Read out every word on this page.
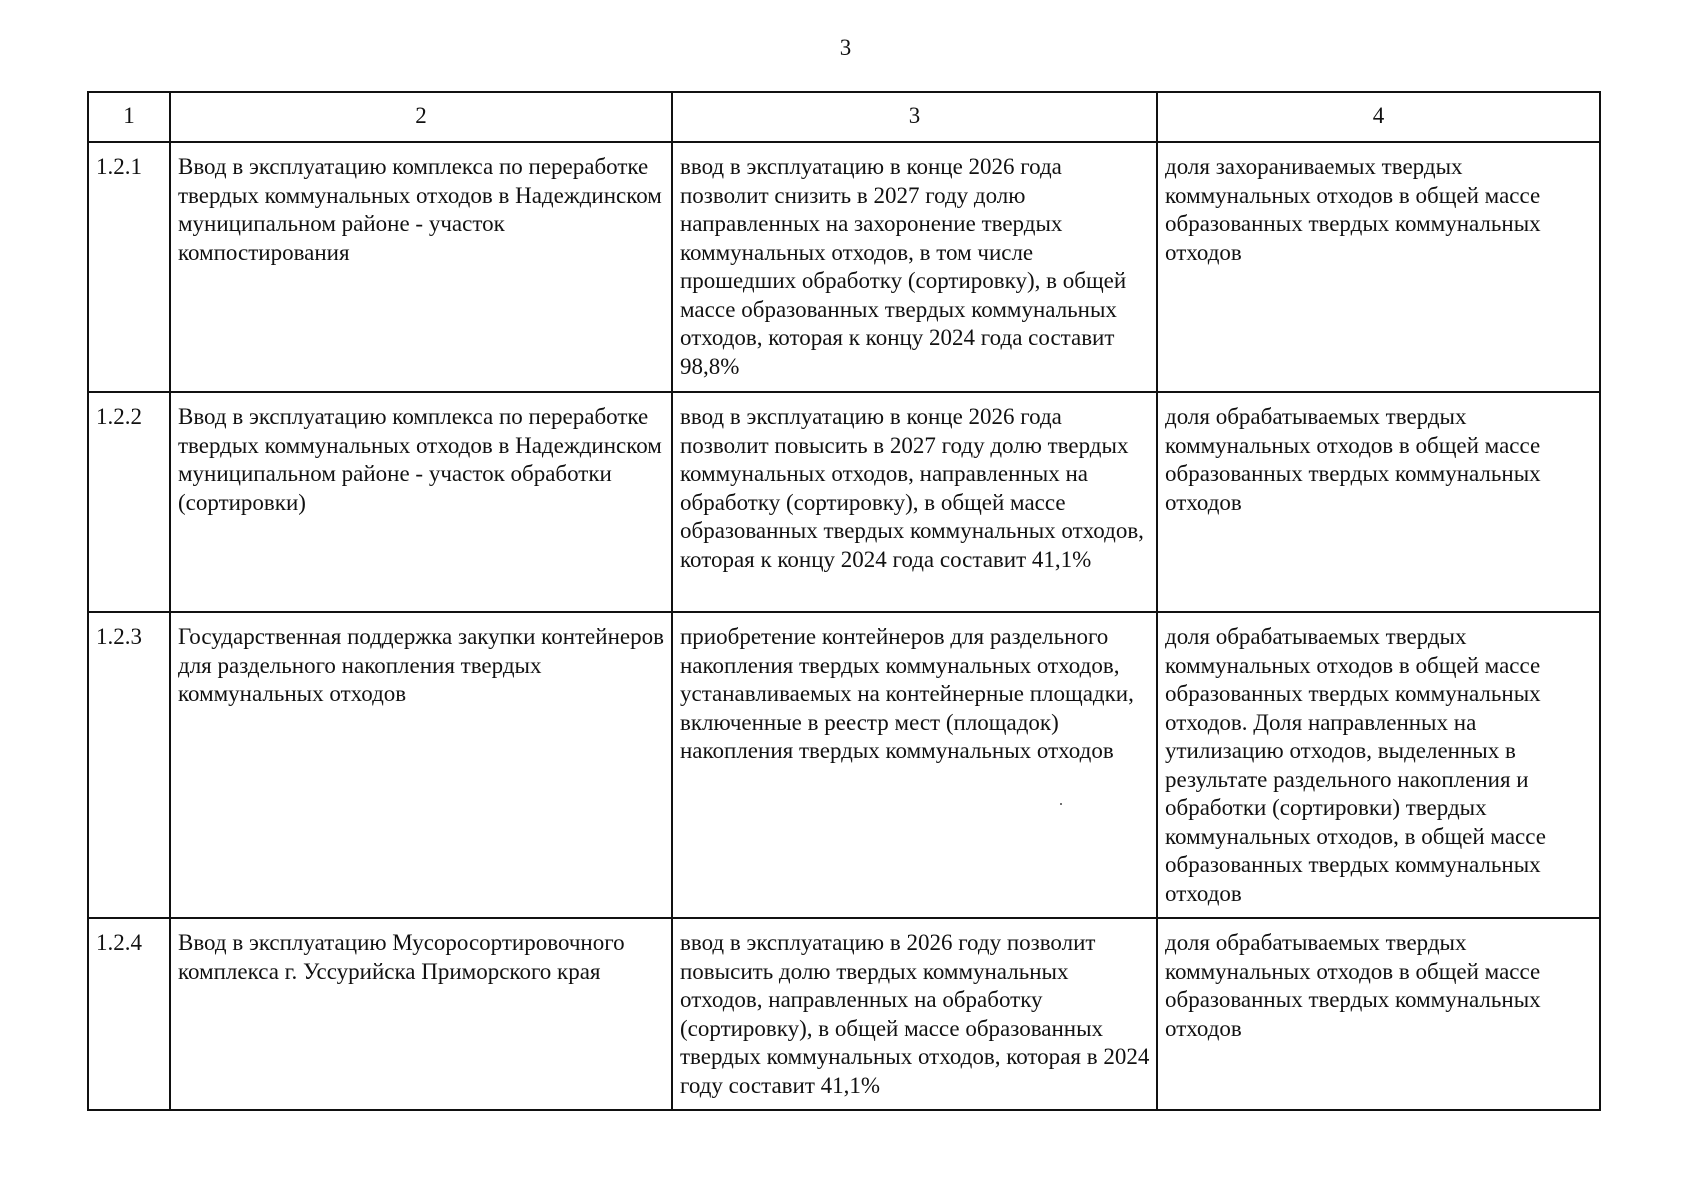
3
1	2	3	4
1.2.1	Ввод в эксплуатацию комплекса по переработке твердых коммунальных отходов в Надеждинском муниципальном районе - участок компостирования	ввод в эксплуатацию в конце 2026 года позволит снизить в 2027 году долю направленных на захоронение твердых коммунальных отходов, в том числе прошедших обработку (сортировку), в общей массе образованных твердых коммунальных отходов, которая к концу 2024 года составит 98,8%	доля захораниваемых твердых коммунальных отходов в общей массе образованных твердых коммунальных отходов
1.2.2	Ввод в эксплуатацию комплекса по переработке твердых коммунальных отходов в Надеждинском муниципальном районе - участок обработки (сортировки)	ввод в эксплуатацию в конце 2026 года позволит повысить в 2027 году долю твердых коммунальных отходов, направленных на обработку (сортировку), в общей массе образованных твердых коммунальных отходов, которая к концу 2024 года составит 41,1%	доля обрабатываемых твердых коммунальных отходов в общей массе образованных твердых коммунальных отходов
1.2.3	Государственная поддержка закупки контейнеров для раздельного накопления твердых коммунальных отходов	приобретение контейнеров для раздельного накопления твердых коммунальных отходов, устанавливаемых на контейнерные площадки, включенные в реестр мест (площадок) накопления твердых коммунальных отходов	доля обрабатываемых твердых коммунальных отходов в общей массе образованных твердых коммунальных отходов. Доля направленных на утилизацию отходов, выделенных в результате раздельного накопления и обработки (сортировки) твердых коммунальных отходов, в общей массе образованных твердых коммунальных отходов
1.2.4	Ввод в эксплуатацию Мусоросортировочного комплекса г. Уссурийска Приморского края	ввод в эксплуатацию в 2026 году позволит повысить долю твердых коммунальных отходов, направленных на обработку (сортировку), в общей массе образованных твердых коммунальных отходов, которая в 2024 году составит 41,1%	доля обрабатываемых твердых коммунальных отходов в общей массе образованных твердых коммунальных отходов
